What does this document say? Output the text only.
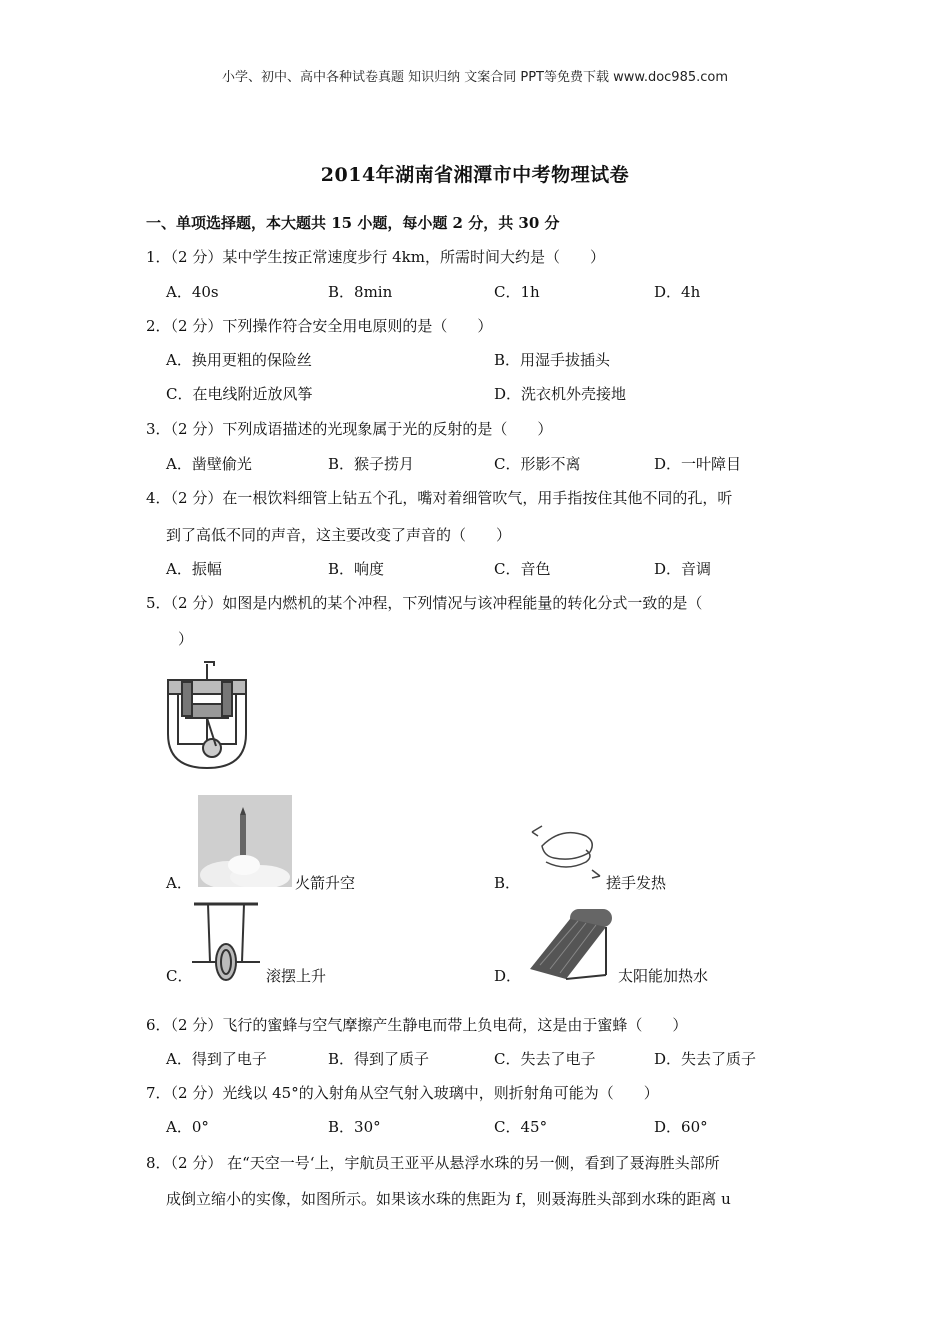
小学、初中、高中各种试卷真题 知识归纳 文案合同 PPT等免费下载 www.doc985.com
2014年湖南省湘潭市中考物理试卷
一、单项选择题，本大题共 15 小题，每小题 2 分，共 30 分
1．（2 分）某中学生按正常速度步行 4km，所需时间大约是（　　）
A．40s	B．8min	C．1h	D．4h
2．（2 分）下列操作符合安全用电原则的是（　　）
A．换用更粗的保险丝	B．用湿手拔插头
C．在电线附近放风筝	D．洗衣机外壳接地
3．（2 分）下列成语描述的光现象属于光的反射的是（　　）
A．凿壁偷光	B．猴子捞月	C．形影不离	D．一叶障目
4．（2 分）在一根饮料细管上钻五个孔，嘴对着细管吹气，用手指按住其他不同的孔，听
到了高低不同的声音，这主要改变了声音的（　　）
A．振幅	B．响度	C．音色	D．音调
5．（2 分）如图是内燃机的某个冲程，下列情况与该冲程能量的转化分式一致的是（
）
A．	火箭升空	B．	搓手发热
C．	滚摆上升	D．	太阳能加热水
6．（2 分）飞行的蜜蜂与空气摩擦产生静电而带上负电荷，这是由于蜜蜂（　　）
A．得到了电子	B．得到了质子	C．失去了电子	D．失去了质子
7．（2 分）光线以 45°的入射角从空气射入玻璃中，则折射角可能为（　　）
A．0°	B．30°	C．45°	D．60°
8．（2 分） 在“天空一号‘上，宇航员王亚平从悬浮水珠的另一侧，看到了聂海胜头部所
成倒立缩小的实像，如图所示。如果该水珠的焦距为 f，则聂海胜头部到水珠的距离 u
